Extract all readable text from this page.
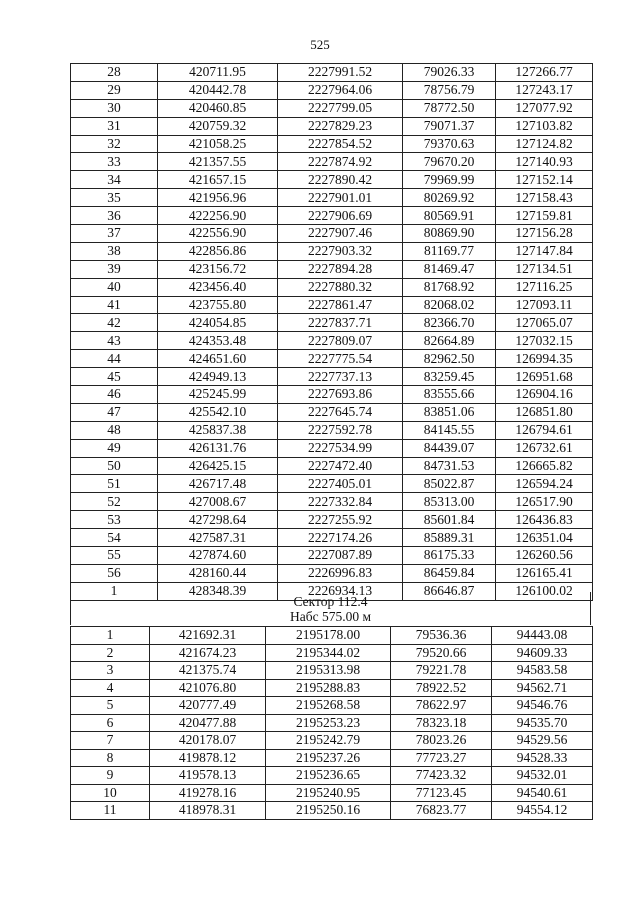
525
28	420711.95	2227991.52	79026.33	127266.77
29	420442.78	2227964.06	78756.79	127243.17
30	420460.85	2227799.05	78772.50	127077.92
31	420759.32	2227829.23	79071.37	127103.82
32	421058.25	2227854.52	79370.63	127124.82
33	421357.55	2227874.92	79670.20	127140.93
34	421657.15	2227890.42	79969.99	127152.14
35	421956.96	2227901.01	80269.92	127158.43
36	422256.90	2227906.69	80569.91	127159.81
37	422556.90	2227907.46	80869.90	127156.28
38	422856.86	2227903.32	81169.77	127147.84
39	423156.72	2227894.28	81469.47	127134.51
40	423456.40	2227880.32	81768.92	127116.25
41	423755.80	2227861.47	82068.02	127093.11
42	424054.85	2227837.71	82366.70	127065.07
43	424353.48	2227809.07	82664.89	127032.15
44	424651.60	2227775.54	82962.50	126994.35
45	424949.13	2227737.13	83259.45	126951.68
46	425245.99	2227693.86	83555.66	126904.16
47	425542.10	2227645.74	83851.06	126851.80
48	425837.38	2227592.78	84145.55	126794.61
49	426131.76	2227534.99	84439.07	126732.61
50	426425.15	2227472.40	84731.53	126665.82
51	426717.48	2227405.01	85022.87	126594.24
52	427008.67	2227332.84	85313.00	126517.90
53	427298.64	2227255.92	85601.84	126436.83
54	427587.31	2227174.26	85889.31	126351.04
55	427874.60	2227087.89	86175.33	126260.56
56	428160.44	2226996.83	86459.84	126165.41
1	428348.39	2226934.13	86646.87	126100.02
Сектор 112.4
Набс 575.00 м
1	421692.31	2195178.00	79536.36	94443.08
2	421674.23	2195344.02	79520.66	94609.33
3	421375.74	2195313.98	79221.78	94583.58
4	421076.80	2195288.83	78922.52	94562.71
5	420777.49	2195268.58	78622.97	94546.76
6	420477.88	2195253.23	78323.18	94535.70
7	420178.07	2195242.79	78023.26	94529.56
8	419878.12	2195237.26	77723.27	94528.33
9	419578.13	2195236.65	77423.32	94532.01
10	419278.16	2195240.95	77123.45	94540.61
11	418978.31	2195250.16	76823.77	94554.12
